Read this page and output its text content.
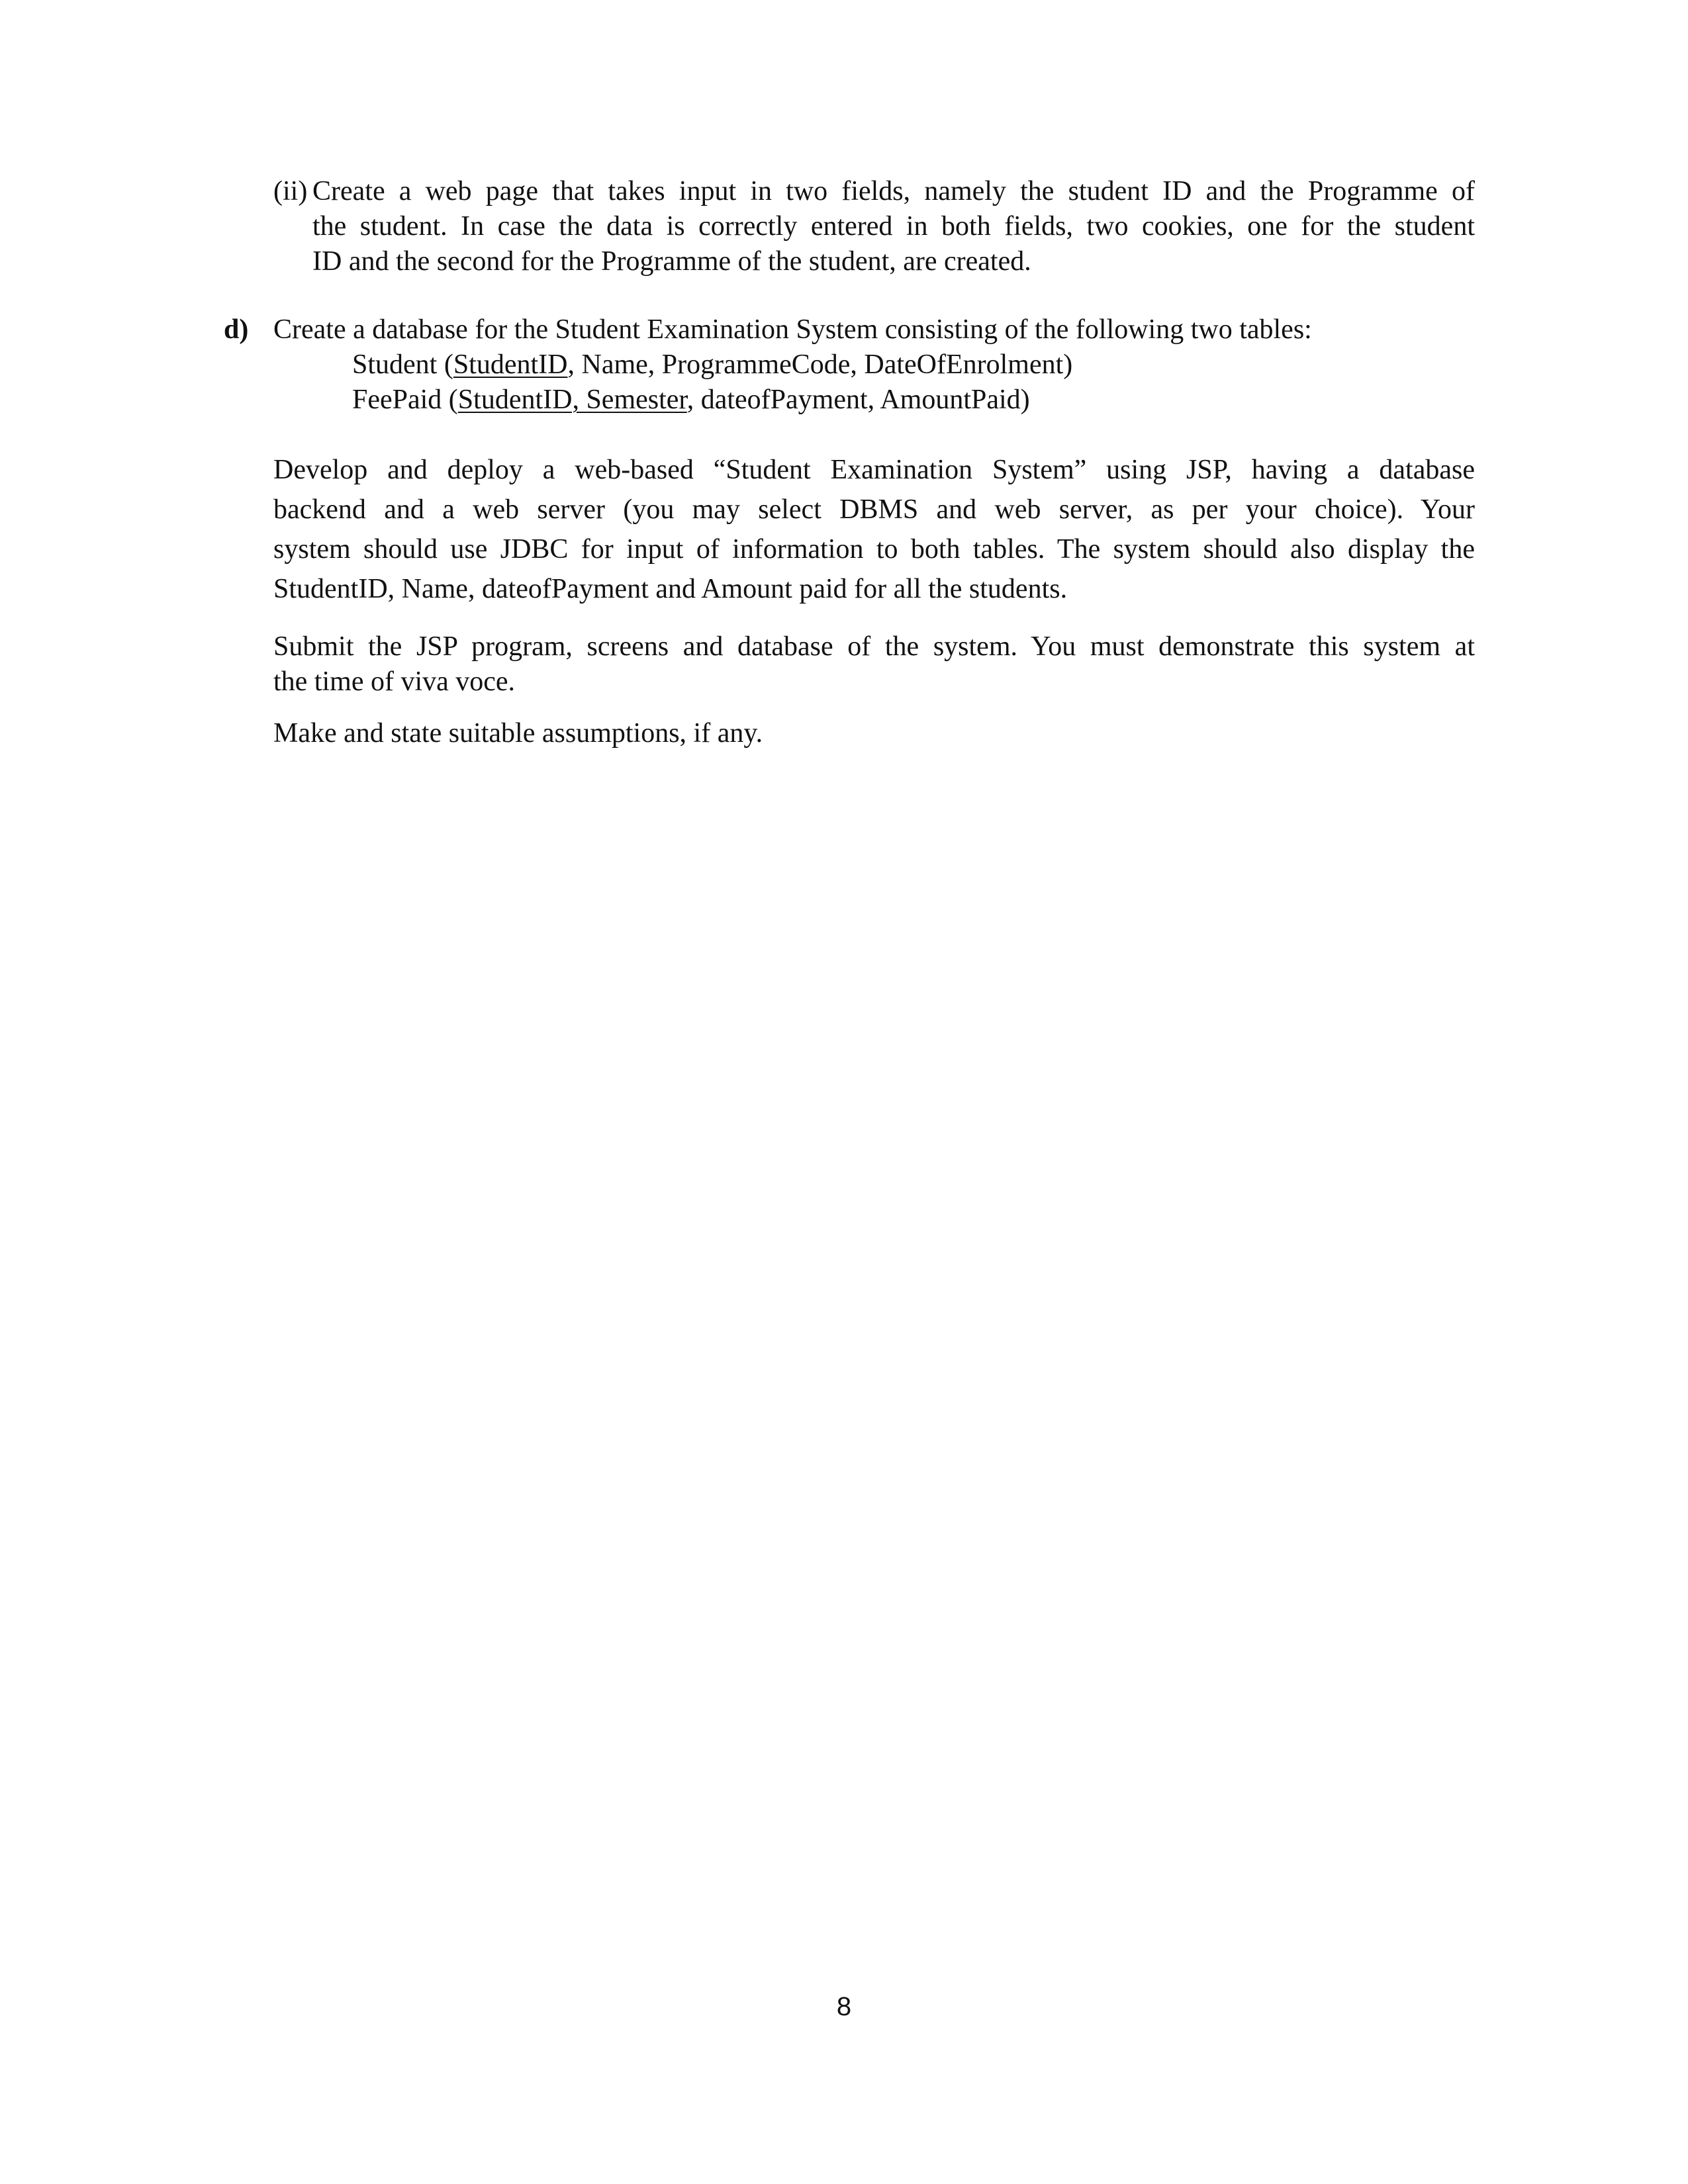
(ii) Create a web page that takes input in two fields, namely the student ID and the Programme of
the student. In case the data is correctly entered in both fields, two cookies, one for the student
ID and the second for the Programme of the student, are created.
d) Create a database for the Student Examination System consisting of the following two tables:
Student (StudentID, Name, ProgrammeCode, DateOfEnrolment)
FeePaid (StudentID, Semester, dateofPayment, AmountPaid)
Develop and deploy a web-based “Student Examination System” using JSP, having a database
backend and a web server (you may select DBMS and web server, as per your choice). Your
system should use JDBC for input of information to both tables. The system should also display the
StudentID, Name, dateofPayment and Amount paid for all the students.
Submit the JSP program, screens and database of the system. You must demonstrate this system at
the time of viva voce.
Make and state suitable assumptions, if any.
8
